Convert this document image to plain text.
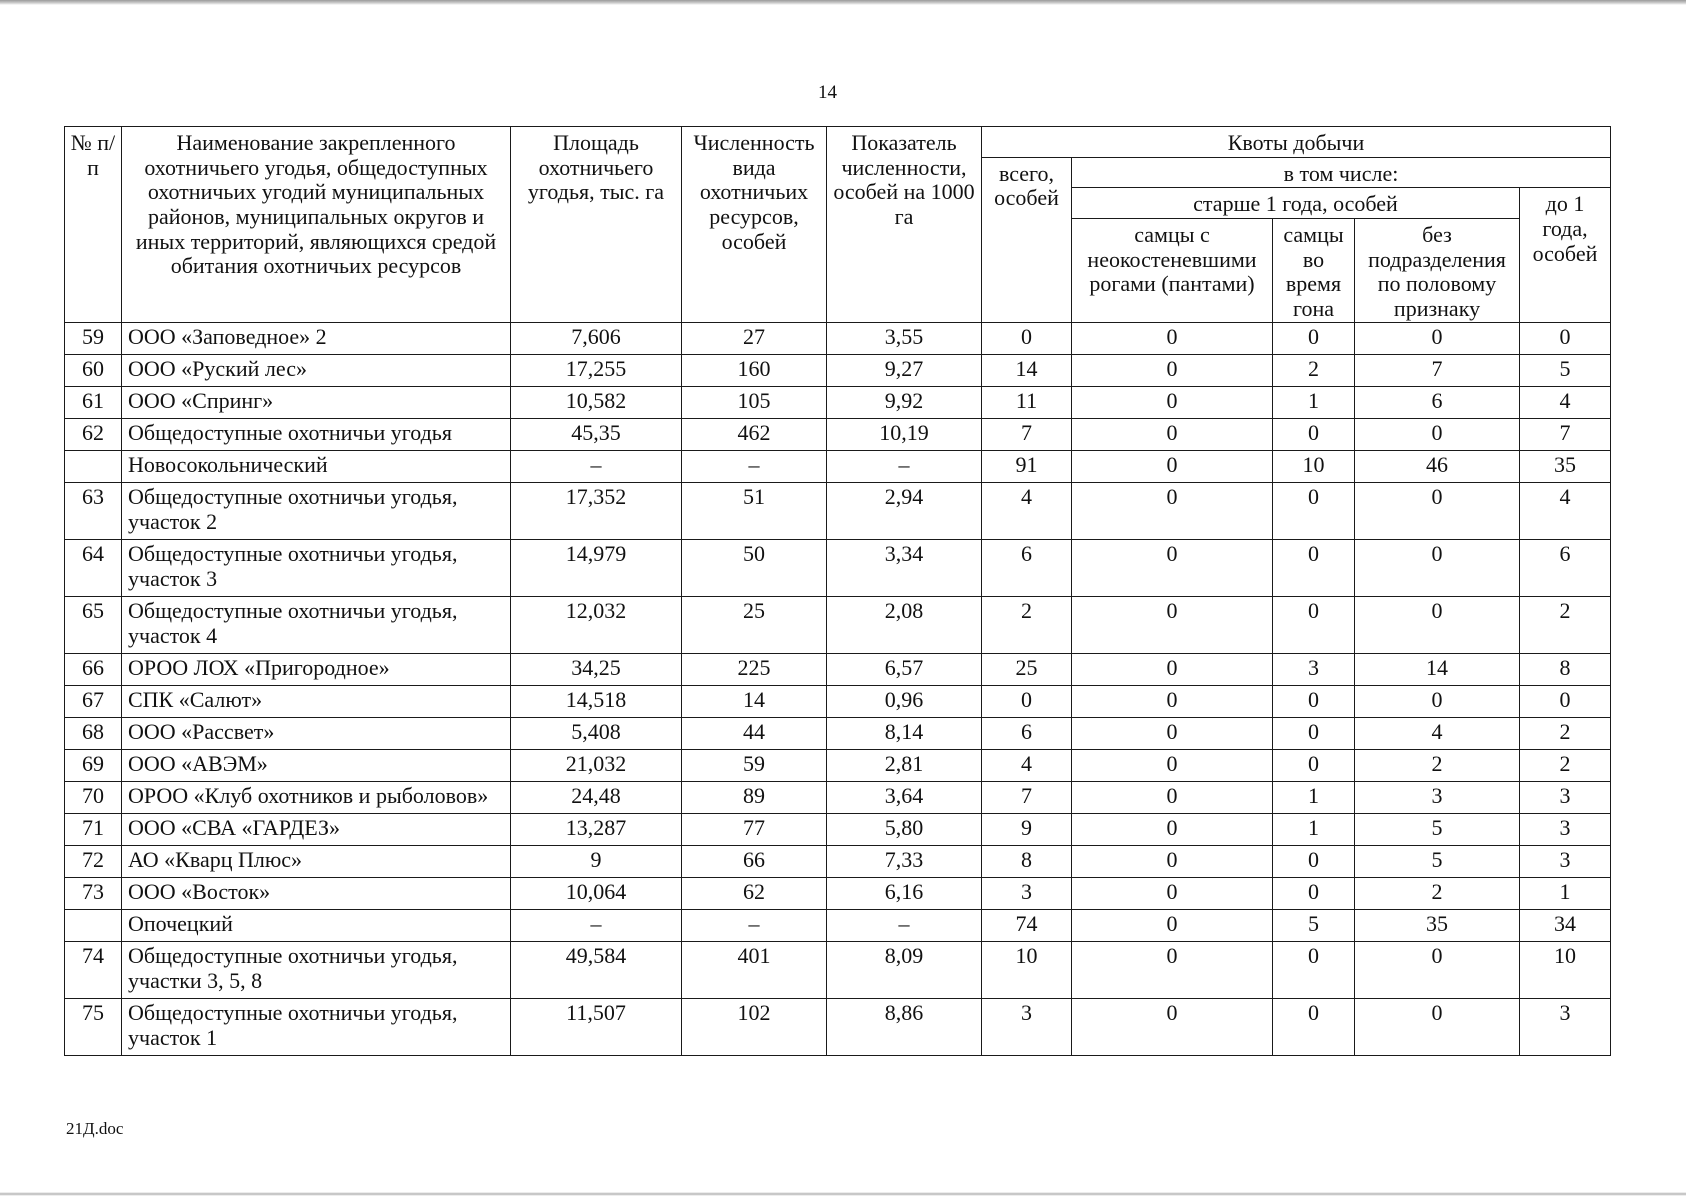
14
№ п/п	Наименование закрепленного охотничьего угодья, общедоступных охотничьих угодий муниципальных районов, муниципальных округов и иных территорий, являющихся средой обитания охотничьих ресурсов	Площадь охотничьего угодья, тыс. га	Численность вида охотничьих ресурсов, особей	Показатель численности, особей на 1000 га	Квоты добычи				
					всего, особей	в том числе:			
						старше 1 года, особей			до 1 года, особей
						самцы с неокостеневшими рогами (пантами)	самцы во время гона	без подразделения по половому признаку	
59	ООО «Заповедное» 2	7,606	27	3,55	0	0	0	0	0
60	ООО «Руский лес»	17,255	160	9,27	14	0	2	7	5
61	ООО «Спринг»	10,582	105	9,92	11	0	1	6	4
62	Общедоступные охотничьи угодья	45,35	462	10,19	7	0	0	0	7
	Новосокольнический	–	–	–	91	0	10	46	35
63	Общедоступные охотничьи угодья, участок 2	17,352	51	2,94	4	0	0	0	4
64	Общедоступные охотничьи угодья, участок 3	14,979	50	3,34	6	0	0	0	6
65	Общедоступные охотничьи угодья, участок 4	12,032	25	2,08	2	0	0	0	2
66	ОРОО ЛОХ «Пригородное»	34,25	225	6,57	25	0	3	14	8
67	СПК «Салют»	14,518	14	0,96	0	0	0	0	0
68	ООО «Рассвет»	5,408	44	8,14	6	0	0	4	2
69	ООО «АВЭМ»	21,032	59	2,81	4	0	0	2	2
70	ОРОО «Клуб охотников и рыболовов»	24,48	89	3,64	7	0	1	3	3
71	ООО «СВА «ГАРДЕЗ»	13,287	77	5,80	9	0	1	5	3
72	АО «Кварц Плюс»	9	66	7,33	8	0	0	5	3
73	ООО «Восток»	10,064	62	6,16	3	0	0	2	1
	Опочецкий	–	–	–	74	0	5	35	34
74	Общедоступные охотничьи угодья, участки 3, 5, 8	49,584	401	8,09	10	0	0	0	10
75	Общедоступные охотничьи угодья, участок 1	11,507	102	8,86	3	0	0	0	3
21Д.doc
